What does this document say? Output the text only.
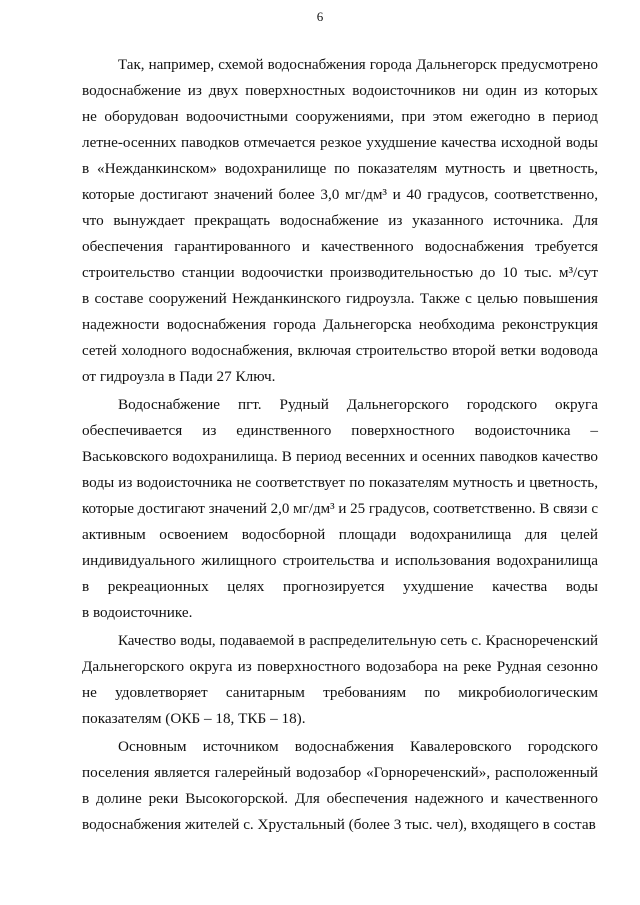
6
Так, например, схемой водоснабжения города Дальнегорск предусмотрено
водоснабжение из двух поверхностных водоисточников ни один из которых
не оборудован водоочистными сооружениями, при этом ежегодно в период
летне-осенних паводков отмечается резкое ухудшение качества исходной воды
в «Нежданкинском» водохранилище по показателям мутность и цветность,
которые достигают значений более 3,0 мг/дм³ и 40 градусов, соответственно,
что вынуждает прекращать водоснабжение из указанного источника. Для
обеспечения гарантированного и качественного водоснабжения требуется
строительство станции водоочистки производительностью до 10 тыс. м³/сут
в составе сооружений Нежданкинского гидроузла. Также с целью повышения
надежности водоснабжения города Дальнегорска необходима реконструкция
сетей холодного водоснабжения, включая строительство второй ветки водовода
от гидроузла в Пади 27 Ключ.
Водоснабжение пгт. Рудный Дальнегорского городского округа
обеспечивается из единственного поверхностного водоисточника –
Васьковского водохранилища. В период весенних и осенних паводков качество
воды из водоисточника не соответствует по показателям мутность и цветность,
которые достигают значений 2,0 мг/дм³ и 25 градусов, соответственно. В связи с
активным освоением водосборной площади водохранилища для целей
индивидуального жилищного строительства и использования водохранилища
в рекреационных целях прогнозируется ухудшение качества воды
в водоисточнике.
Качество воды, подаваемой в распределительную сеть с. Краснореченский
Дальнегорского округа из поверхностного водозабора на реке Рудная сезонно
не удовлетворяет санитарным требованиям по микробиологическим
показателям (ОКБ – 18, ТКБ – 18).
Основным источником водоснабжения Кавалеровского городского
поселения является галерейный водозабор «Горнореченский», расположенный
в долине реки Высокогорской. Для обеспечения надежного и качественного
водоснабжения жителей с. Хрустальный (более 3 тыс. чел), входящего в состав
